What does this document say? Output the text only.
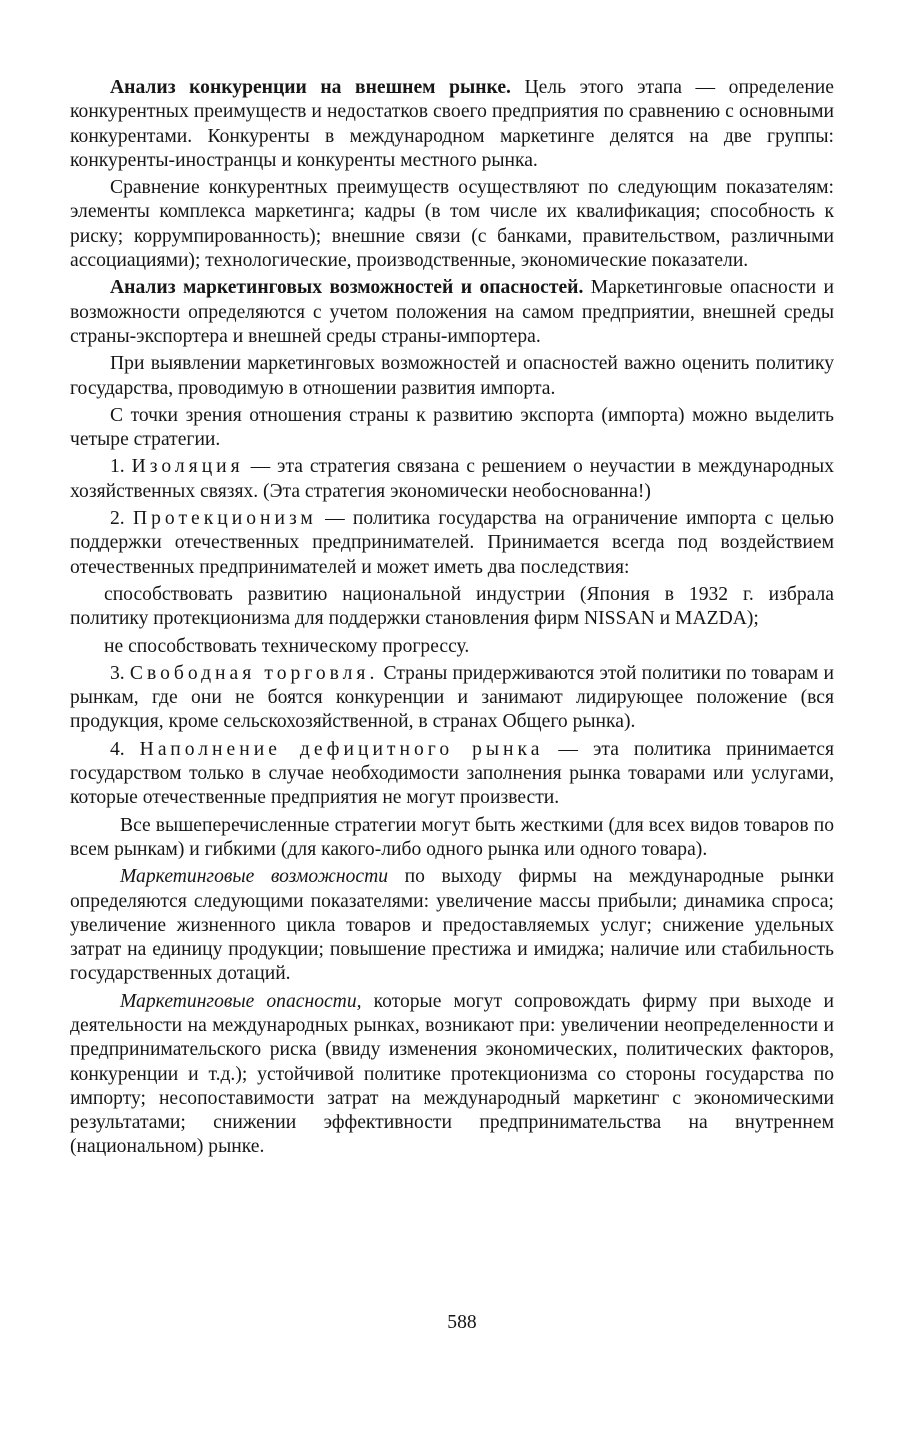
Анализ конкуренции на внешнем рынке. Цель этого этапа — определение конкурентных преимуществ и недостатков своего предприятия по сравнению с основными конкурентами. Конкуренты в международном маркетинге делятся на две группы: конкуренты-иностранцы и конкуренты местного рынка.

Сравнение конкурентных преимуществ осуществляют по следующим показателям: элементы комплекса маркетинга; кадры (в том числе их квалификация; способность к риску; коррумпированность); внешние связи (с банками, правительством, различными ассоциациями); технологические, производственные, экономические показатели.

Анализ маркетинговых возможностей и опасностей. Маркетинговые опасности и возможности определяются с учетом положения на самом предприятии, внешней среды страны-экспортера и внешней среды страны-импортера.

При выявлении маркетинговых возможностей и опасностей важно оценить политику государства, проводимую в отношении развития импорта.

С точки зрения отношения страны к развитию экспорта (импорта) можно выделить четыре стратегии.

1. Изоляция — эта стратегия связана с решением о неучастии в международных хозяйственных связях. (Эта стратегия экономически необоснованна!)

2. Протекционизм — политика государства на ограничение импорта с целью поддержки отечественных предпринимателей. Принимается всегда под воздействием отечественных предпринимателей и может иметь два последствия:

способствовать развитию национальной индустрии (Япония в 1932 г. избрала политику протекционизма для поддержки становления фирм NISSAN и MAZDA);

не способствовать техническому прогрессу.

3. Свободная торговля. Страны придерживаются этой политики по товарам и рынкам, где они не боятся конкуренции и занимают лидирующее положение (вся продукция, кроме сельскохозяйственной, в странах Общего рынка).

4. Наполнение дефицитного рынка — эта политика принимается государством только в случае необходимости заполнения рынка товарами или услугами, которые отечественные предприятия не могут произвести.

Все вышеперечисленные стратегии могут быть жесткими (для всех видов товаров по всем рынкам) и гибкими (для какого-либо одного рынка или одного товара).

Маркетинговые возможности по выходу фирмы на международные рынки определяются следующими показателями: увеличение массы прибыли; динамика спроса; увеличение жизненного цикла товаров и предоставляемых услуг; снижение удельных затрат на единицу продукции; повышение престижа и имиджа; наличие или стабильность государственных дотаций.

Маркетинговые опасности, которые могут сопровождать фирму при выходе и деятельности на международных рынках, возникают при: увеличении неопределенности и предпринимательского риска (ввиду изменения экономических, политических факторов, конкуренции и т.д.); устойчивой политике протекционизма со стороны государства по импорту; несопоставимости затрат на международный маркетинг с экономическими результатами; снижении эффективности предпринимательства на внутреннем (национальном) рынке.

588
